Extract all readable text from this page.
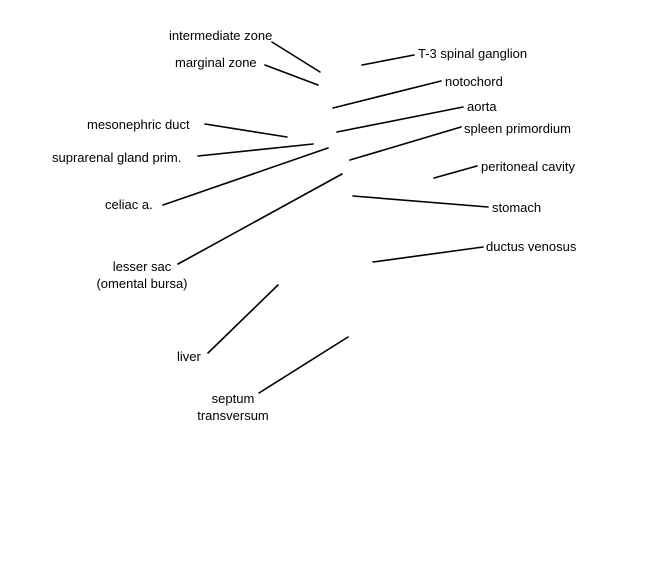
intermediate zone
marginal zone
T-3 spinal ganglion
notochord
aorta
mesonephric duct	spleen primordium
suprarenal gland prim.
peritoneal cavity
celiac a.	stomach
ductus venosus
lesser sac
(omental bursa)
liver
septum
transversum
